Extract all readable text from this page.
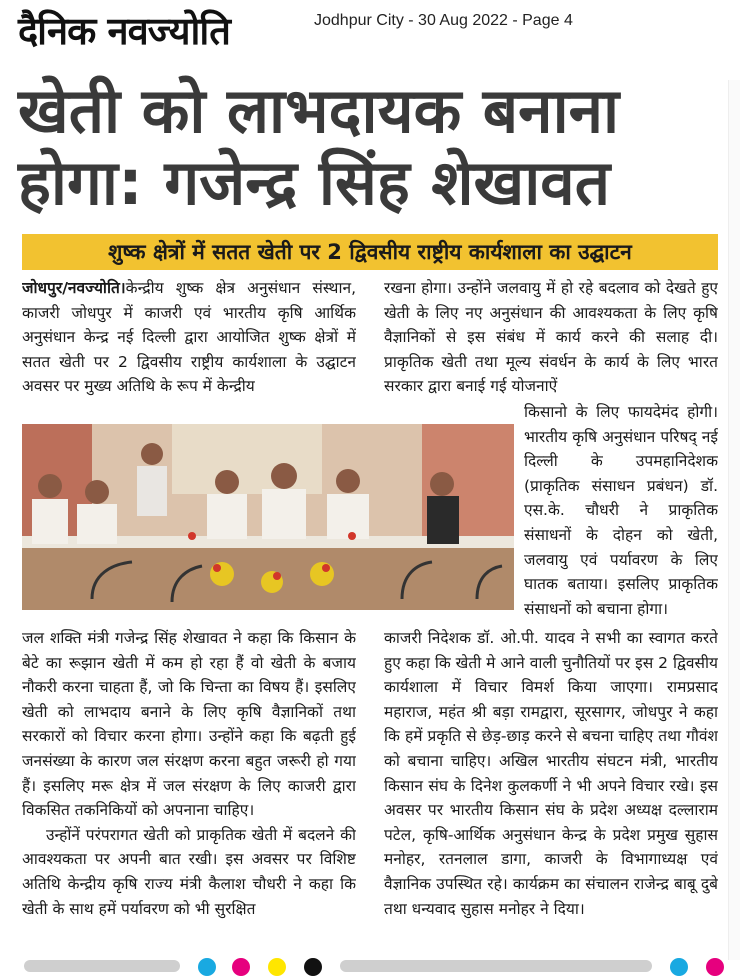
दैनिक नवज्योति	Jodhpur City - 30 Aug 2022 - Page 4
खेती को लाभदायक बनाना
होगा: गजेन्द्र सिंह शेखावत
शुष्क क्षेत्रों में सतत खेती पर 2 द्विवसीय राष्ट्रीय कार्यशाला का उद्घाटन

जोधपुर/नवज्योति।केन्द्रीय शुष्क क्षेत्र अनुसंधान संस्थान, काजरी जोधपुर में काजरी एवं भारतीय कृषि आर्थिक अनुसंधान केन्द्र नई दिल्ली द्वारा आयोजित शुष्क क्षेत्रों में सतत खेती पर 2 द्विवसीय राष्ट्रीय कार्यशाला के उद्घाटन अवसर पर मुख्य अतिथि के रूप में केन्द्रीय

रखना होगा। उन्होंने जलवायु में हो रहे बदलाव को देखते हुए खेती के लिए नए अनुसंधान की आवश्यकता के लिए कृषि वैज्ञानिकों से इस संबंध में कार्य करने की सलाह दी। प्राकृतिक खेती तथा मूल्य संवर्धन के कार्य के लिए भारत सरकार द्वारा बनाई गई योजनाऐं

किसानो के लिए फायदेमंद होगी। भारतीय कृषि अनुसंधान परिषद् नई दिल्ली के उपमहानिदेशक (प्राकृतिक संसाधन प्रबंधन) डॉ. एस.के. चौधरी ने प्राकृतिक संसाधनों के दोहन को खेती, जलवायु एवं पर्यावरण के लिए घातक बताया। इसलिए प्राकृतिक संसाधनों को बचाना होगा।

जल शक्ति मंत्री गजेन्द्र सिंह शेखावत ने कहा कि किसान के बेटे का रूझान खेती में कम हो रहा हैं वो खेती के बजाय नौकरी करना चाहता हैं, जो कि चिन्ता का विषय हैं। इसलिए खेती को लाभदाय बनाने के लिए कृषि वैज्ञानिकों तथा सरकारों को विचार करना होगा। उन्होंने कहा कि बढ़ती हुई जनसंख्या के कारण जल संरक्षण करना बहुत जरूरी हो गया हैं। इसलिए मरू क्षेत्र में जल संरक्षण के लिए काजरी द्वारा विकसित तकनिकियों को अपनाना चाहिए।

उन्होंनें परंपरागत खेती को प्राकृतिक खेती में बदलने की आवश्यकता पर अपनी बात रखी। इस अवसर पर विशिष्ट अतिथि केन्द्रीय कृषि राज्य मंत्री कैलाश चौधरी ने कहा कि खेती के साथ हमें पर्यावरण को भी सुरक्षित

काजरी निदेशक डॉ. ओ.पी. यादव ने सभी का स्वागत करते हुए कहा कि खेती मे आने वाली चुनौतियों पर इस 2 द्विवसीय कार्यशाला में विचार विमर्श किया जाएगा। रामप्रसाद महाराज, महंत श्री बड़ा रामद्वारा, सूरसागर, जोधपुर ने कहा कि हमें प्रकृति से छेड़-छाड़ करने से बचना चाहिए तथा गौवंश को बचाना चाहिए। अखिल भारतीय संघटन मंत्री, भारतीय किसान संघ के दिनेश कुलकर्णी ने भी अपने विचार रखे। इस अवसर पर भारतीय किसान संघ के प्रदेश अध्यक्ष दल्लाराम पटेल, कृषि-आर्थिक अनुसंधान केन्द्र के प्रदेश प्रमुख सुहास मनोहर, रतनलाल डागा, काजरी के विभागाध्यक्ष एवं वैज्ञानिक उपस्थित रहे। कार्यक्रम का संचालन राजेन्द्र बाबू दुबे तथा धन्यवाद सुहास मनोहर ने दिया।
